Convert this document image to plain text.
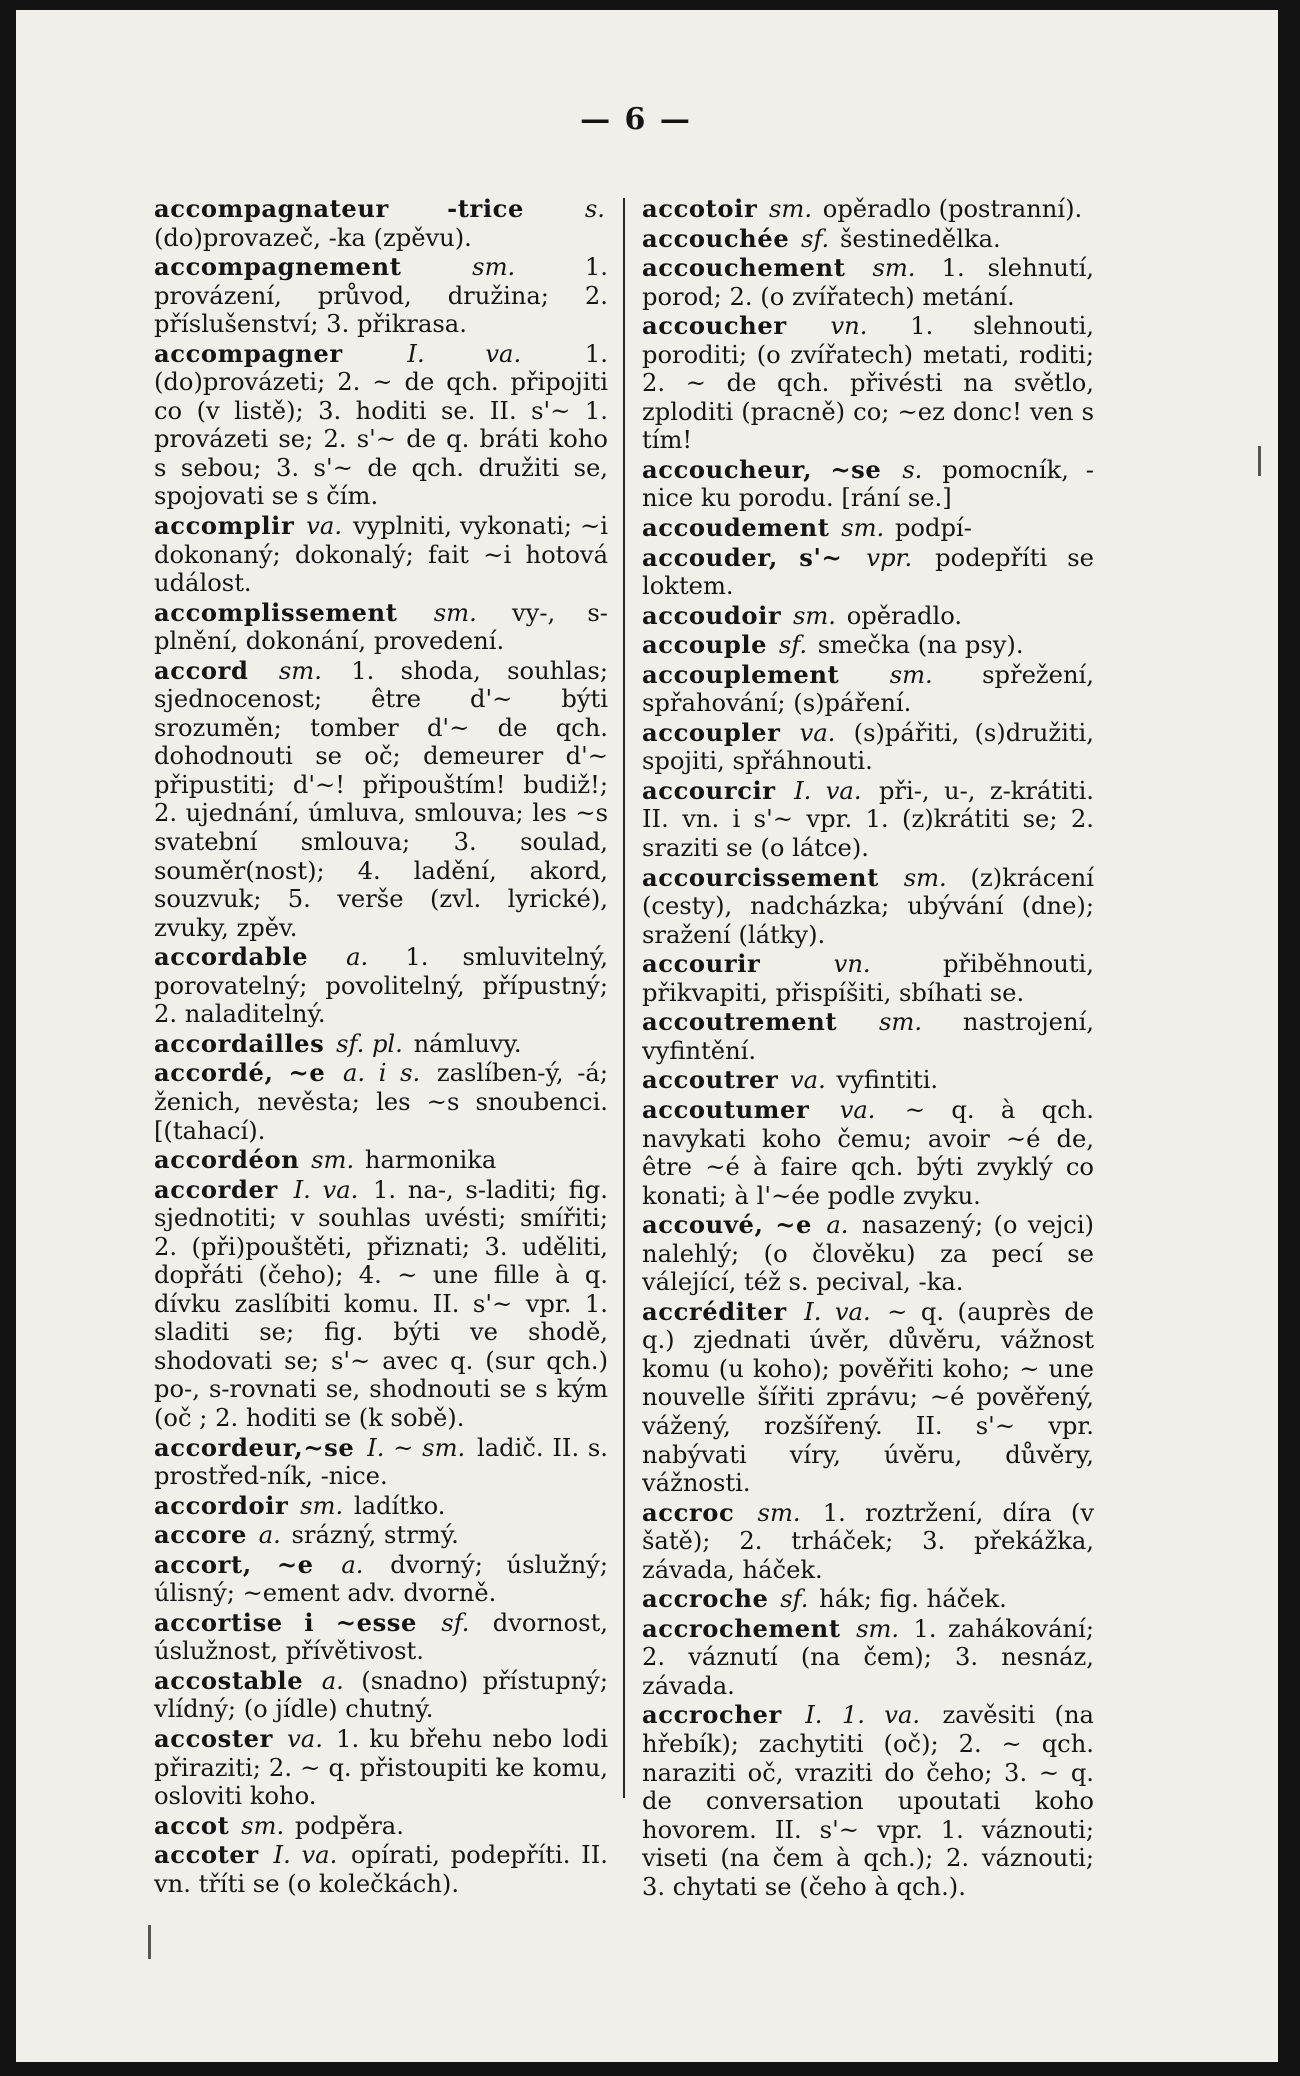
— 6 —
accompagnateur -trice	s. (do)provazeč, -ka (zpěvu).
accompagnement	sm.	1. provázení, průvod, družina; 2. příslušenství; 3. přikrasa.
accompagner	I. va.	1. (do)provázeti; 2. ~ de qch. připojiti co (v listě); 3. hoditi se. II. s'~ 1. provázeti se; 2. s'~ de q. bráti koho s sebou; 3. s'~ de qch. družiti se, spojovati se s čím.
accomplir va. vyplniti, vykonati; ~i dokonaný; dokonalý; fait ~i hotová událost.
accomplissement sm. vy-, s-plnění, dokonání, provedení.
accord sm. 1. shoda, souhlas; sjednocenost; être d'~ býti srozuměn; tomber d'~ de qch. dohodnouti se oč; demeurer d'~ připustiti; d'~! připouštím! budiž!; 2. ujednání, úmluva, smlouva; les ~s svatební smlouva; 3. soulad, souměr(nost); 4. ladění, akord, souzvuk; 5. verše (zvl. lyrické), zvuky, zpěv.
accordable a. 1. smluvitelný, porovatelný; povolitelný, přípustný; 2. naladitelný.
accordailles sf. pl. námluvy.
accordé, ~e a. i s. zaslíben-ý, -á; ženich, nevěsta; les ~s snoubenci. [(tahací).
accordéon sm. harmonika
accorder I. va. 1. na-, s-laditi; fig. sjednotiti; v souhlas uvésti; smířiti; 2. (při)pouštěti, přiznati; 3. uděliti, dopřáti (čeho); 4. ~ une fille à q. dívku zaslíbiti komu. II. s'~ vpr. 1. sladiti se; fig. býti ve shodě, shodovati se; s'~ avec q. (sur qch.) po-, s-rovnati se, shodnouti se s kým (oč ; 2. hoditi se (k sobě).
accordeur,~se I. ~ sm. ladič. II. s. prostřed-ník, -nice.
accordoir sm. ladítko.
accore a. srázný, strmý.
accort, ~e a. dvorný; úslužný; úlisný; ~ement adv. dvorně.
accortise i ~esse sf. dvornost, úslužnost, přívětivost.
accostable a. (snadno) přístupný; vlídný; (o jídle) chutný.
accoster va. 1. ku břehu nebo lodi přiraziti; 2. ~ q. přistoupiti ke komu, osloviti koho.
accot sm. podpěra.
accoter I. va. opírati, podepříti. II. vn. tříti se (o kolečkách).
accotoir sm. opěradlo (postranní).
accouchée sf. šestinedělka.
accouchement sm. 1. slehnutí, porod; 2. (o zvířatech) metání.
accoucher vn. 1. slehnouti, poroditi; (o zvířatech) metati, roditi; 2. ~ de qch. přivésti na světlo, zploditi (pracně) co; ~ez donc! ven s tím!
accoucheur, ~se s. pomocník, -nice ku porodu. [rání se.]
accoudement sm. podpí-
accouder, s'~ vpr. podepříti se loktem.
accoudoir sm. opěradlo.
accouple sf. smečka (na psy).
accouplement sm. spřežení, spřahování; (s)páření.
accoupler va. (s)pářiti, (s)družiti, spojiti, spřáhnouti.
accourcir I. va. při-, u-, z-krátiti. II. vn. i s'~ vpr. 1. (z)krátiti se; 2. sraziti se (o látce).
accourcissement sm. (z)krácení (cesty), nadcházka; ubývání (dne); sražení (látky).
accourir	vn.	přiběhnouti, přikvapiti, přispíšiti, sbíhati se.
accoutrement sm. nastrojení, vyfintění.
accoutrer va. vyfintiti.
accoutumer va. ~ q. à qch. navykati koho čemu; avoir ~é de, être ~é à faire qch. býti zvyklý co konati; à l'~ée podle zvyku.
accouvé, ~e a. nasazený; (o vejci) nalehlý; (o člověku) za pecí se válející, též s. pecival, -ka.
accréditer I. va. ~ q. (auprès de q.) zjednati úvěr, důvěru, vážnost komu (u koho); pověřiti koho; ~ une nouvelle šířiti zprávu; ~é pověřený, vážený, rozšířený. II. s'~ vpr. nabývati víry, úvěru, důvěry, vážnosti.
accroc sm. 1. roztržení, díra (v šatě); 2. trháček; 3. překážka, závada, háček.
accroche sf. hák; fig. háček.
accrochement sm. 1. zahákování; 2. váznutí (na čem); 3. nesnáz, závada.
accrocher I. 1. va. zavěsiti (na hřebík); zachytiti (oč); 2. ~ qch. naraziti oč, vraziti do čeho; 3. ~ q. de conversation upoutati koho hovorem. II. s'~ vpr. 1. váznouti; viseti (na čem à qch.); 2. váznouti; 3. chytati se (čeho à qch.).
